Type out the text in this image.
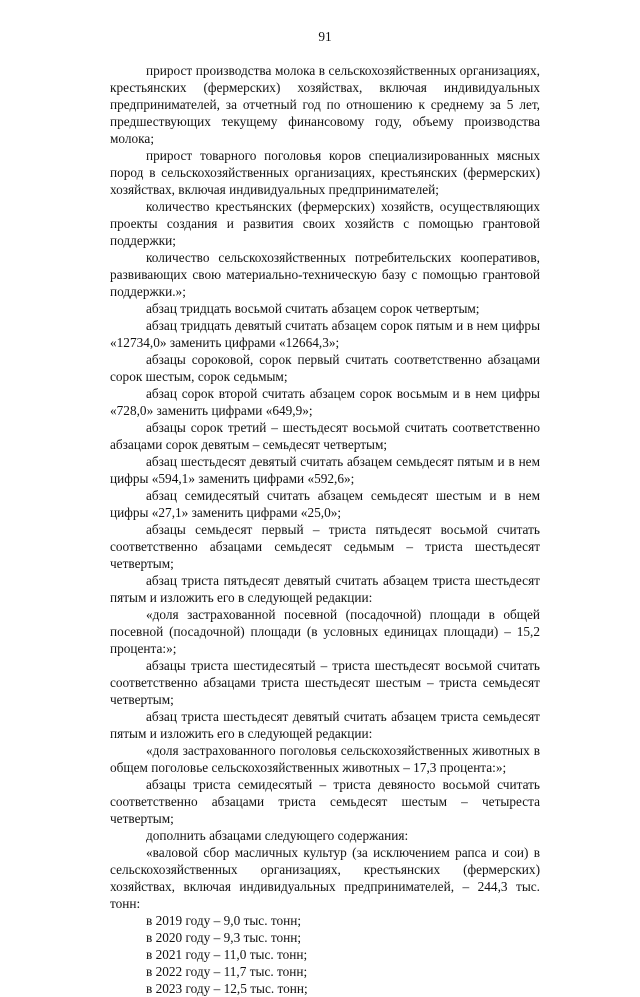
91

прирост производства молока в сельскохозяйственных организациях, крестьянских (фермерских) хозяйствах, включая индивидуальных предпринимателей, за отчетный год по отношению к среднему за 5 лет, предшествующих текущему финансовому году, объему производства молока;

прирост товарного поголовья коров специализированных мясных пород в сельскохозяйственных организациях, крестьянских (фермерских) хозяйствах, включая индивидуальных предпринимателей;

количество крестьянских (фермерских) хозяйств, осуществляющих проекты создания и развития своих хозяйств с помощью грантовой поддержки;

количество сельскохозяйственных потребительских кооперативов, развивающих свою материально-техническую базу с помощью грантовой поддержки.»;

абзац тридцать восьмой считать абзацем сорок четвертым;

абзац тридцать девятый считать абзацем сорок пятым и в нем цифры «12734,0» заменить цифрами «12664,3»;

абзацы сороковой, сорок первый считать соответственно абзацами сорок шестым, сорок седьмым;

абзац сорок второй считать абзацем сорок восьмым и в нем цифры «728,0» заменить цифрами «649,9»;

абзацы сорок третий – шестьдесят восьмой считать соответственно абзацами сорок девятым – семьдесят четвертым;

абзац шестьдесят девятый считать абзацем семьдесят пятым и в нем цифры «594,1» заменить цифрами «592,6»;

абзац семидесятый считать абзацем семьдесят шестым и в нем цифры «27,1» заменить цифрами «25,0»;

абзацы семьдесят первый – триста пятьдесят восьмой считать соответственно абзацами семьдесят седьмым – триста шестьдесят четвертым;

абзац триста пятьдесят девятый считать абзацем триста шестьдесят пятым и изложить его в следующей редакции:

«доля застрахованной посевной (посадочной) площади в общей посевной (посадочной) площади (в условных единицах площади) – 15,2 процента:»;

абзацы триста шестидесятый – триста шестьдесят восьмой считать соответственно абзацами триста шестьдесят шестым – триста семьдесят четвертым;

абзац триста шестьдесят девятый считать абзацем триста семьдесят пятым и изложить его в следующей редакции:

«доля застрахованного поголовья сельскохозяйственных животных в общем поголовье сельскохозяйственных животных – 17,3 процента:»;

абзацы триста семидесятый – триста девяносто восьмой считать соответственно абзацами триста семьдесят шестым – четыреста четвертым;

дополнить абзацами следующего содержания:

«валовой сбор масличных культур (за исключением рапса и сои) в сельскохозяйственных организациях, крестьянских (фермерских) хозяйствах, включая индивидуальных предпринимателей, – 244,3 тыс. тонн:

в 2019 году – 9,0 тыс. тонн;

в 2020 году – 9,3 тыс. тонн;

в 2021 году – 11,0 тыс. тонн;

в 2022 году – 11,7 тыс. тонн;

в 2023 году – 12,5 тыс. тонн;
